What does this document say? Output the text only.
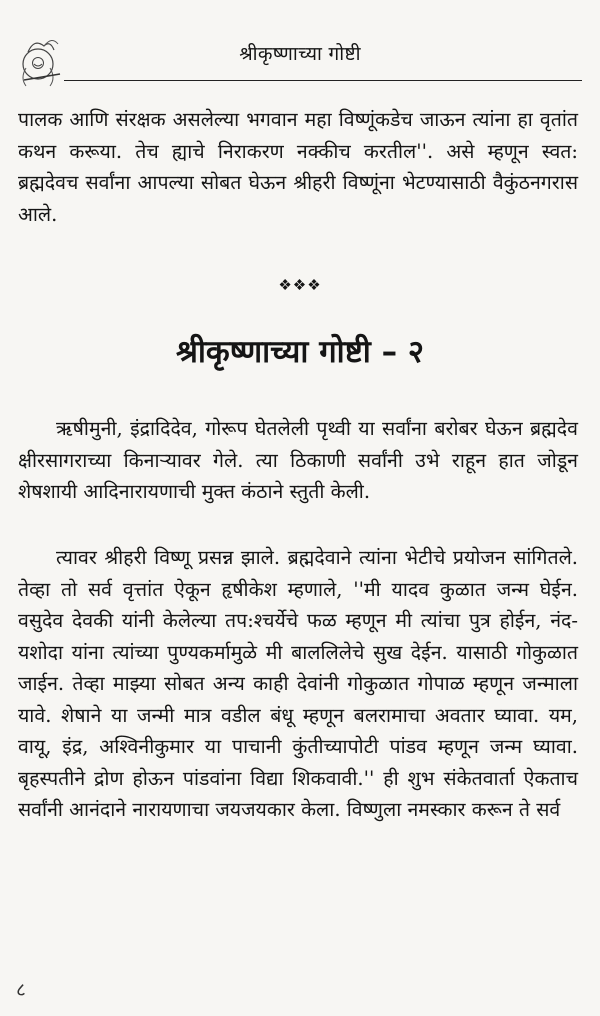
श्रीकृष्णाच्या गोष्टी

पालक आणि संरक्षक असलेल्या भगवान महा विष्णूंकडेच जाऊन त्यांना हा वृतांत कथन करूया. तेच ह्याचे निराकरण नक्कीच करतील''. असे म्हणून स्वत: ब्रह्मदेवच सर्वांना आपल्या सोबत घेऊन श्रीहरी विष्णूंना भेटण्यासाठी वैकुंठनगरास आले.

❖❖❖
श्रीकृष्णाच्या गोष्टी – २

ऋषीमुनी, इंद्रादिदेव, गोरूप घेतलेली पृथ्वी या सर्वांना बरोबर घेऊन ब्रह्मदेव क्षीरसागराच्या किनाऱ्यावर गेले. त्या ठिकाणी सर्वांनी उभे राहून हात जोडून शेषशायी आदिनारायणाची मुक्त कंठाने स्तुती केली.

त्यावर श्रीहरी विष्णू प्रसन्न झाले. ब्रह्मदेवाने त्यांना भेटीचे प्रयोजन सांगितले. तेव्हा तो सर्व वृत्तांत ऐकून हृषीकेश म्हणाले, ''मी यादव कुळात जन्म घेईन. वसुदेव देवकी यांनी केलेल्या तप:श्‍चर्येचे फळ म्हणून मी त्यांचा पुत्र होईन, नंद-यशोदा यांना त्यांच्या पुण्यकर्मामुळे मी बाललिलेचे सुख देईन. यासाठी गोकुळात जाईन. तेव्हा माझ्या सोबत अन्य काही देवांनी गोकुळात गोपाळ म्हणून जन्माला यावे. शेषाने या जन्मी मात्र वडील बंधू म्हणून बलरामाचा अवतार घ्यावा. यम, वायू, इंद्र, अश्विनीकुमार या पाचानी कुंतीच्यापोटी पांडव म्हणून जन्म घ्यावा. बृहस्पतीने द्रोण होऊन पांडवांना विद्या शिकवावी.'' ही शुभ संकेतवार्ता ऐकताच सर्वांनी आनंदाने नारायणाचा जयजयकार केला. विष्णुला नमस्कार करून ते सर्व

८
